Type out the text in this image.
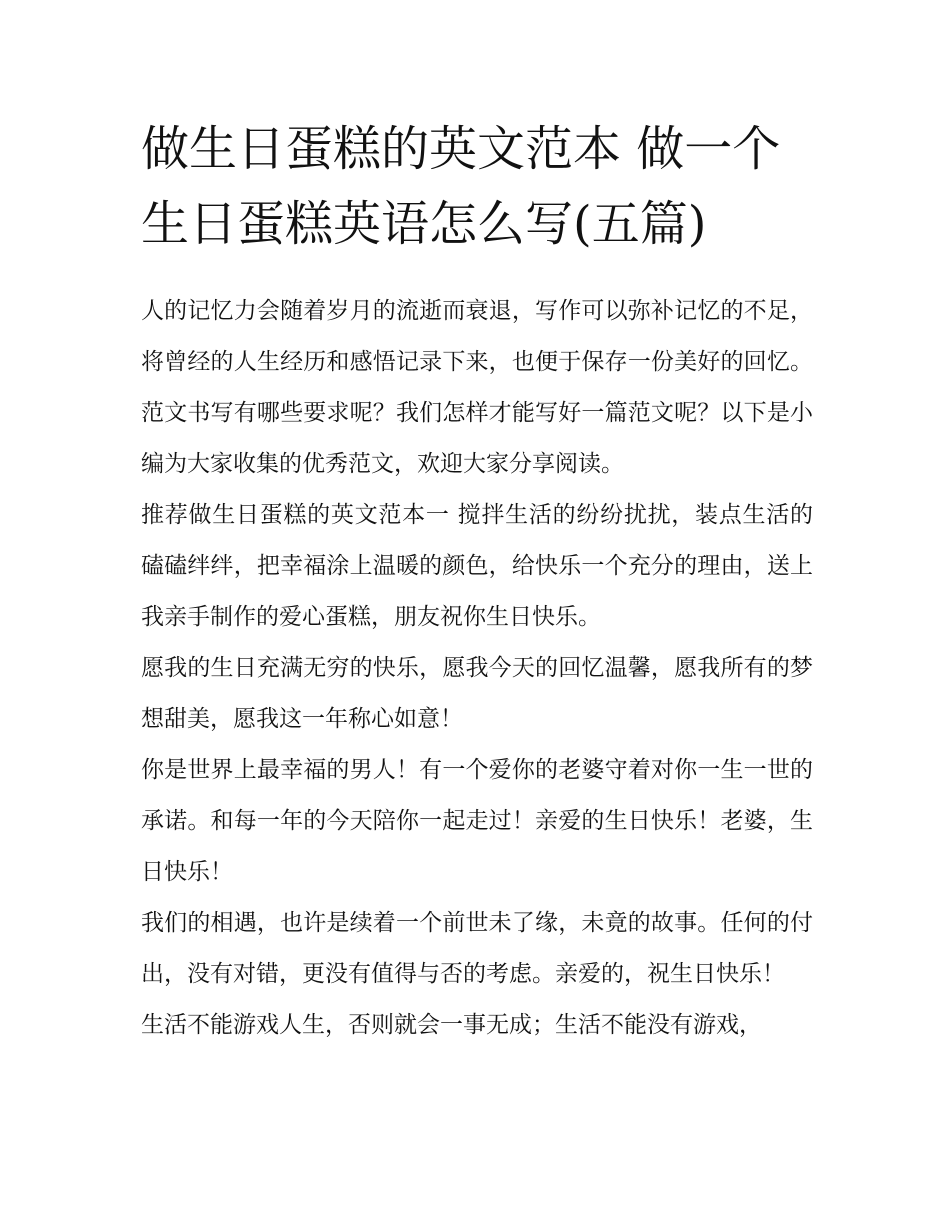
做生日蛋糕的英文范本 做一个生日蛋糕英语怎么写(五篇)

人的记忆力会随着岁月的流逝而衰退，写作可以弥补记忆的不足，将曾经的人生经历和感悟记录下来，也便于保存一份美好的回忆。范文书写有哪些要求呢？我们怎样才能写好一篇范文呢？以下是小编为大家收集的优秀范文，欢迎大家分享阅读。

推荐做生日蛋糕的英文范本一 搅拌生活的纷纷扰扰，装点生活的磕磕绊绊，把幸福涂上温暖的颜色，给快乐一个充分的理由，送上我亲手制作的爱心蛋糕，朋友祝你生日快乐。

愿我的生日充满无穷的快乐，愿我今天的回忆温馨，愿我所有的梦想甜美，愿我这一年称心如意！

你是世界上最幸福的男人！有一个爱你的老婆守着对你一生一世的承诺。和每一年的今天陪你一起走过！亲爱的生日快乐！老婆，生日快乐！

我们的相遇，也许是续着一个前世未了缘，未竟的故事。任何的付出，没有对错，更没有值得与否的考虑。亲爱的，祝生日快乐！

生活不能游戏人生，否则就会一事无成；生活不能没有游戏，
